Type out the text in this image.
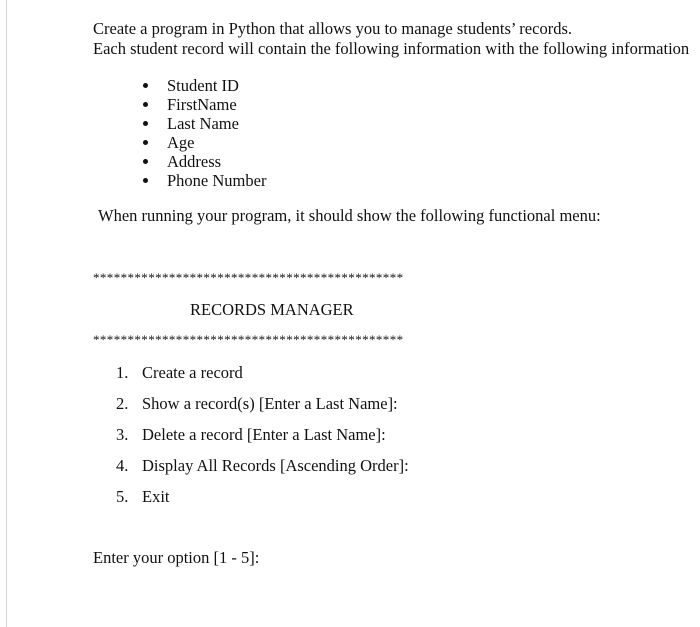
Create a program in Python that allows you to manage students’ records.
Each student record will contain the following information with the following information
Student ID
FirstName
Last Name
Age
Address
Phone Number
When running your program, it should show the following functional menu:
*********************************************
RECORDS MANAGER
*********************************************
1. Create a record
2. Show a record(s) [Enter a Last Name]:
3. Delete a record [Enter a Last Name]:
4. Display All Records [Ascending Order]:
5. Exit
Enter your option [1 - 5]:
